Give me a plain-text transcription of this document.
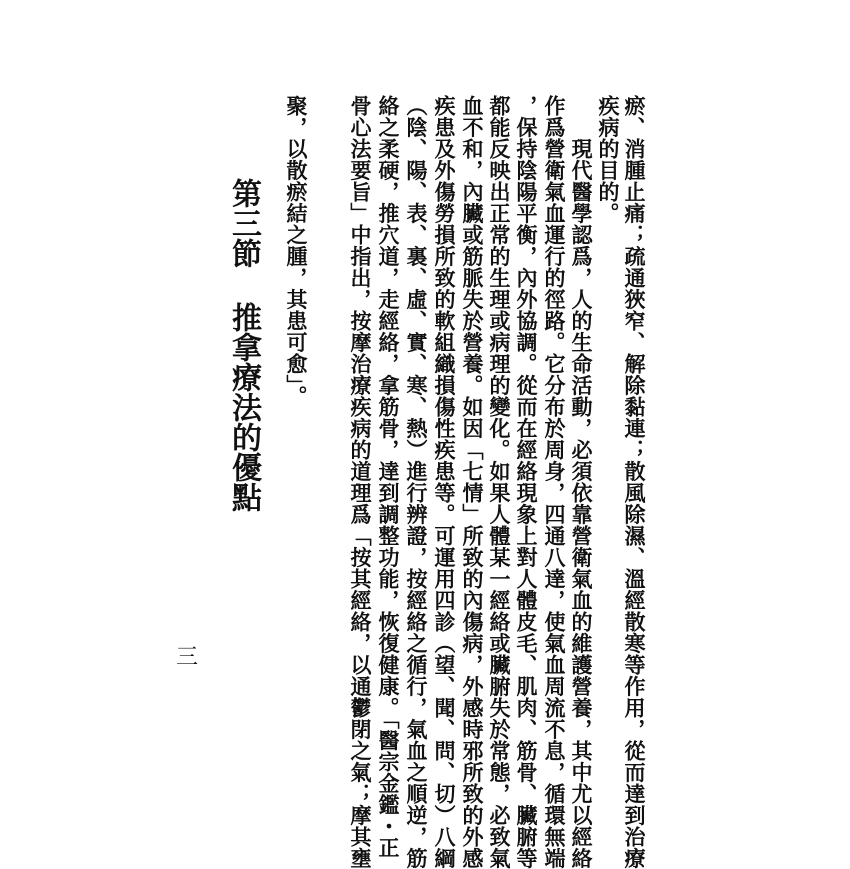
瘀、消腫止痛；疏通狹窄、解除黏連；散風除濕、溫經散寒等作用，從而達到治療
疾病的目的。
　　現代醫學認爲，人的生命活動，必須依靠營衛氣血的維護營養，其中尤以經絡
作爲營衛氣血運行的徑路。它分布於周身，四通八達，使氣血周流不息，循環無端
，保持陰陽平衡，內外協調。從而在經絡現象上對人體皮毛、肌肉、筋骨、臟腑等
都能反映出正常的生理或病理的變化。如果人體某一經絡或臟腑失於常態，必致氣
血不和，內臟或筋脈失於營養。如因「七情」所致的內傷病，外感時邪所致的外感
疾患及外傷勞損所致的軟組織損傷性疾患等。可運用四診（望、聞、問、切）八綱
（陰、陽、表、裏、虛、實、寒、熱）進行辨證，按經絡之循行，氣血之順逆，筋
絡之柔硬，推穴道，走經絡，拿筋骨，達到調整功能，恢復健康。「醫宗金鑑・正
骨心法要旨」中指出，按摩治療疾病的道理爲「按其經絡，以通鬱閉之氣；摩其壅
聚，以散瘀結之腫，其患可愈」。
第三節推拿療法的優點
三
